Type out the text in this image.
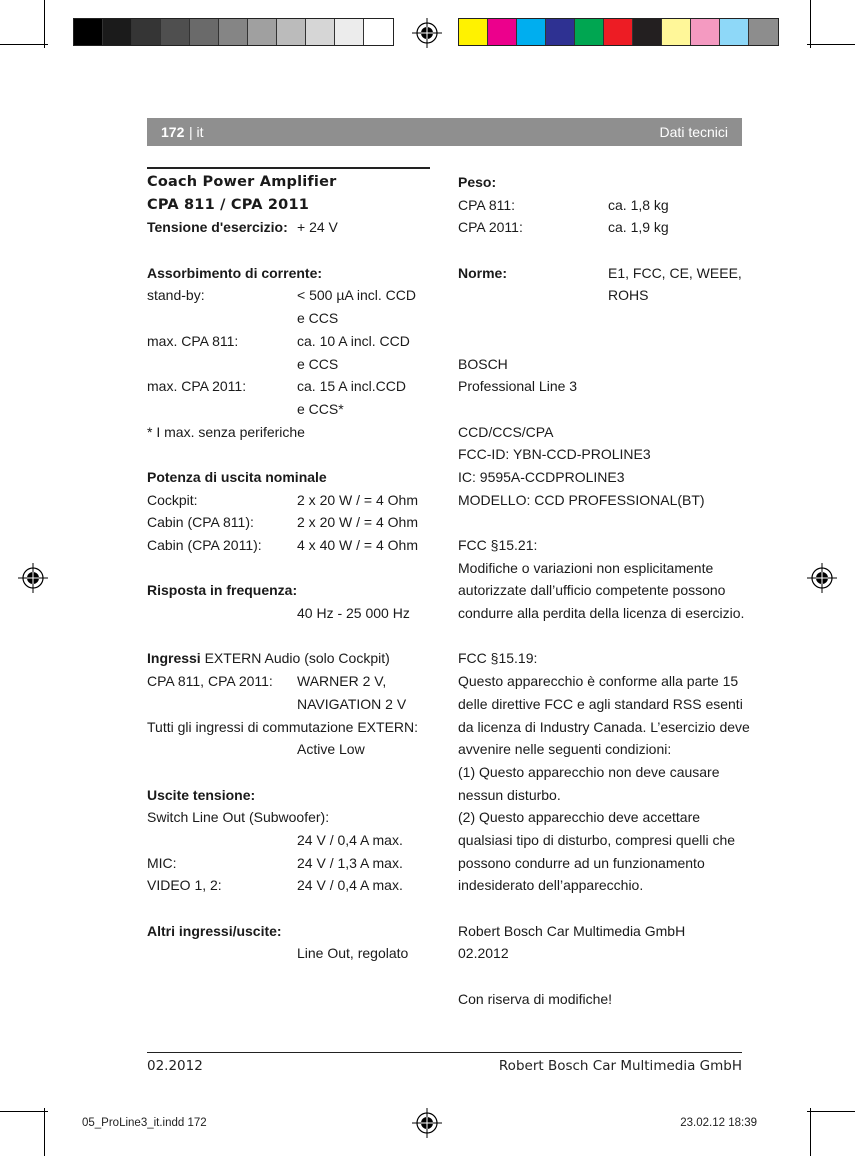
172 | it	Dati tecnici
Coach Power Amplifier
CPA 811 / CPA 2011
Tensione d'esercizio: + 24 V
Assorbimento di corrente:
stand-by:	< 500 µA incl. CCD
e CCS
max. CPA 811:	ca. 10 A incl. CCD
e CCS
max. CPA 2011:	ca. 15 A incl.CCD
e CCS*
* I max. senza periferiche
Potenza di uscita nominale
Cockpit:	2 x 20 W / = 4 Ohm
Cabin (CPA 811):	2 x 20 W / = 4 Ohm
Cabin (CPA 2011):	4 x 40 W / = 4 Ohm
Risposta in frequenza:
40 Hz - 25 000 Hz
Ingressi EXTERN Audio (solo Cockpit)
CPA 811, CPA 2011: WARNER 2 V,
NAVIGATION 2 V
Tutti gli ingressi di commutazione EXTERN:
Active Low
Uscite tensione:
Switch Line Out (Subwoofer):
24 V / 0,4 A max.
MIC:	24 V / 1,3 A max.
VIDEO 1, 2:	24 V / 0,4 A max.
Altri ingressi/uscite:
Line Out, regolato
Peso:
CPA 811:	ca. 1,8 kg
CPA 2011:	ca. 1,9 kg
Norme:	E1, FCC, CE, WEEE,
ROHS
BOSCH
Professional Line 3
CCD/CCS/CPA
FCC-ID: YBN-CCD-PROLINE3
IC: 9595A-CCDPROLINE3
MODELLO: CCD PROFESSIONAL(BT)
FCC §15.21:
Modifiche o variazioni non esplicitamente
autorizzate dall’ufficio competente possono
condurre alla perdita della licenza di esercizio.
FCC §15.19:
Questo apparecchio è conforme alla parte 15
delle direttive FCC e agli standard RSS esenti
da licenza di Industry Canada. L’esercizio deve
avvenire nelle seguenti condizioni:
(1) Questo apparecchio non deve causare
nessun disturbo.
(2) Questo apparecchio deve accettare
qualsiasi tipo di disturbo, compresi quelli che
possono condurre ad un funzionamento
indesiderato dell’apparecchio.
Robert Bosch Car Multimedia GmbH
02.2012
Con riserva di modifiche!
02.2012	Robert Bosch Car Multimedia GmbH
05_ProLine3_it.indd 172	23.02.12 18:39
